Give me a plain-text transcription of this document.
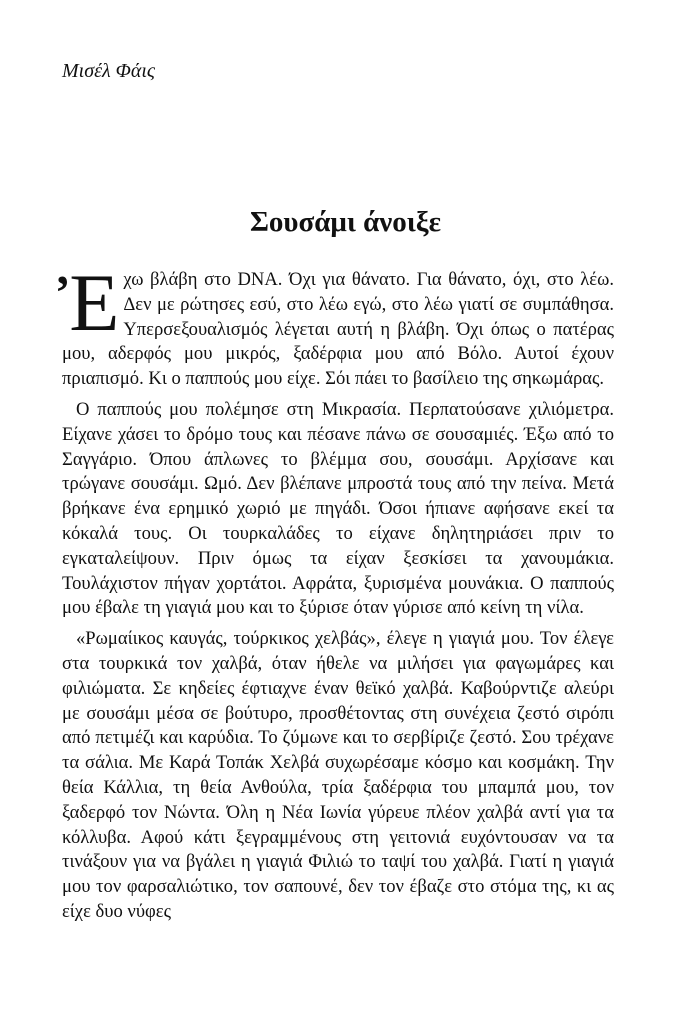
Μισέλ Φάις
Σουσάμι άνοιξε

Ἐχω βλάβη στο DNA. Όχι για θάνατο. Για θάνατο, όχι, στο λέω. Δεν με ρώτησες εσύ, στο λέω εγώ, στο λέω γιατί σε συμπάθησα. Υπερσεξουαλισμός λέγεται αυτή η βλάβη. Όχι όπως ο πατέρας μου, αδερφός μου μικρός, ξαδέρφια μου από Βόλο. Αυτοί έχουν πριαπισμό. Κι ο παππούς μου είχε. Σόι πάει το βασίλειο της σηκωμάρας.

Ο παππούς μου πολέμησε στη Μικρασία. Περπατούσανε χιλιόμετρα. Είχανε χάσει το δρόμο τους και πέσανε πάνω σε σουσαμιές. Έξω από το Σαγγάριο. Όπου άπλωνες το βλέμμα σου, σουσάμι. Αρχίσανε και τρώγανε σουσάμι. Ωμό. Δεν βλέπανε μπροστά τους από την πείνα. Μετά βρήκανε ένα ερημικό χωριό με πηγάδι. Όσοι ήπιανε αφήσανε εκεί τα κόκαλά τους. Οι τουρκαλάδες το είχανε δηλητηριάσει πριν το εγκαταλείψουν. Πριν όμως τα είχαν ξεσκίσει τα χανουμάκια. Τουλάχιστον πήγαν χορτάτοι. Αφράτα, ξυρισμένα μουνάκια. Ο παππούς μου έβαλε τη γιαγιά μου και το ξύρισε όταν γύρισε από κείνη τη νίλα.

«Ρωμαίικος καυγάς, τούρκικος χελβάς», έλεγε η γιαγιά μου. Τον έλεγε στα τουρκικά τον χαλβά, όταν ήθελε να μιλήσει για φαγωμάρες και φιλιώματα. Σε κηδείες έφτιαχνε έναν θεϊκό χαλβά. Καβούρντιζε αλεύρι με σουσάμι μέσα σε βούτυρο, προσθέτοντας στη συνέχεια ζεστό σιρόπι από πετιμέζι και καρύδια. Το ζύμωνε και το σερβίριζε ζεστό. Σου τρέχανε τα σάλια. Με Καρά Τοπάκ Χελβά συχωρέσαμε κόσμο και κοσμάκη. Την θεία Κάλλια, τη θεία Ανθούλα, τρία ξαδέρφια του μπαμπά μου, τον ξαδερφό τον Νώντα. Όλη η Νέα Ιωνία γύρευε πλέον χαλβά αντί για τα κόλλυβα. Αφού κάτι ξεγραμμένους στη γειτονιά ευχόντουσαν να τα τινάξουν για να βγάλει η γιαγιά Φιλιώ το ταψί του χαλβά. Γιατί η γιαγιά μου τον φαρσαλιώτικο, τον σαπουνέ, δεν τον έβαζε στο στόμα της, κι ας είχε δυο νύφες
